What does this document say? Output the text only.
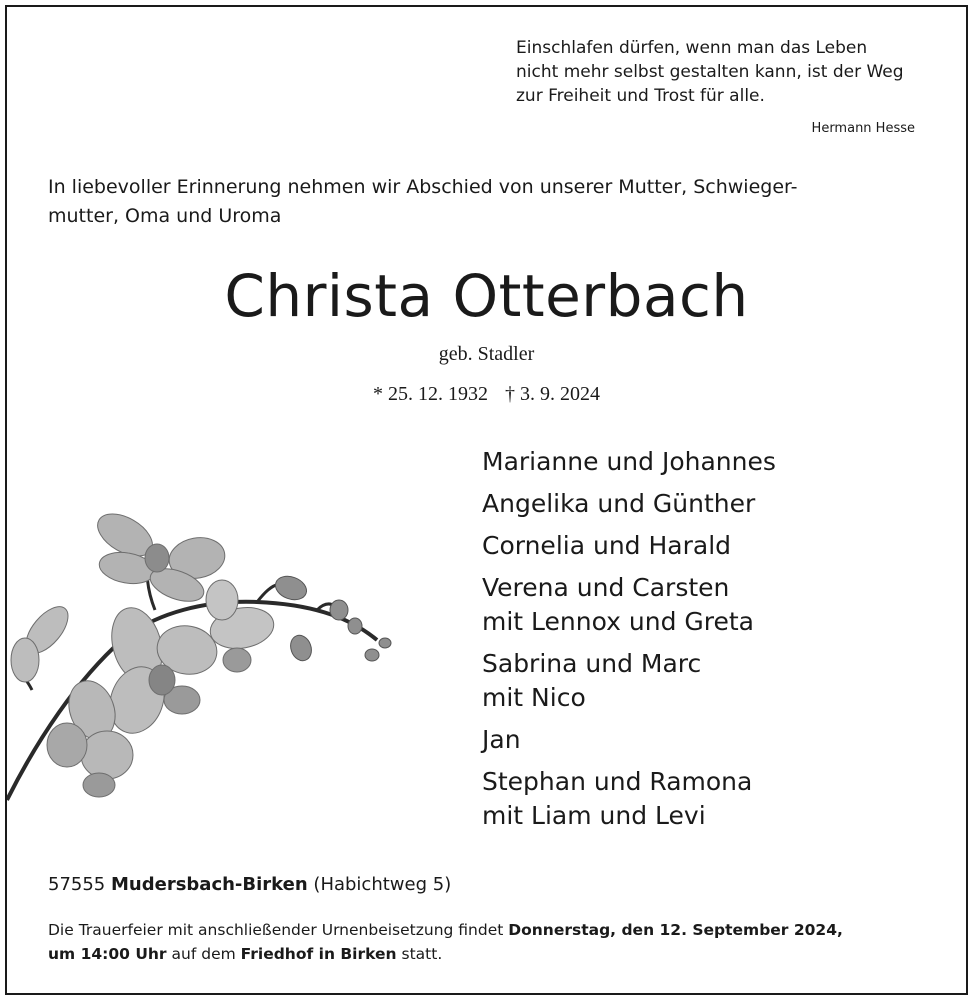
Einschlafen dürfen, wenn man das Leben
nicht mehr selbst gestalten kann, ist der Weg
zur Freiheit und Trost für alle.
Hermann Hesse
In liebevoller Erinnerung nehmen wir Abschied von unserer Mutter, Schwieger-
mutter, Oma und Uroma
Christa Otterbach
geb. Stadler
* 25. 12. 1932 † 3. 9. 2024
Marianne und Johannes
Angelika und Günther
Cornelia und Harald
Verena und Carsten
mit Lennox und Greta
Sabrina und Marc
mit Nico
Jan
Stephan und Ramona
mit Liam und Levi
57555 Mudersbach-Birken (Habichtweg 5)
Die Trauerfeier mit anschließender Urnenbeisetzung findet Donnerstag, den 12. September 2024,
um 14:00 Uhr auf dem Friedhof in Birken statt.
